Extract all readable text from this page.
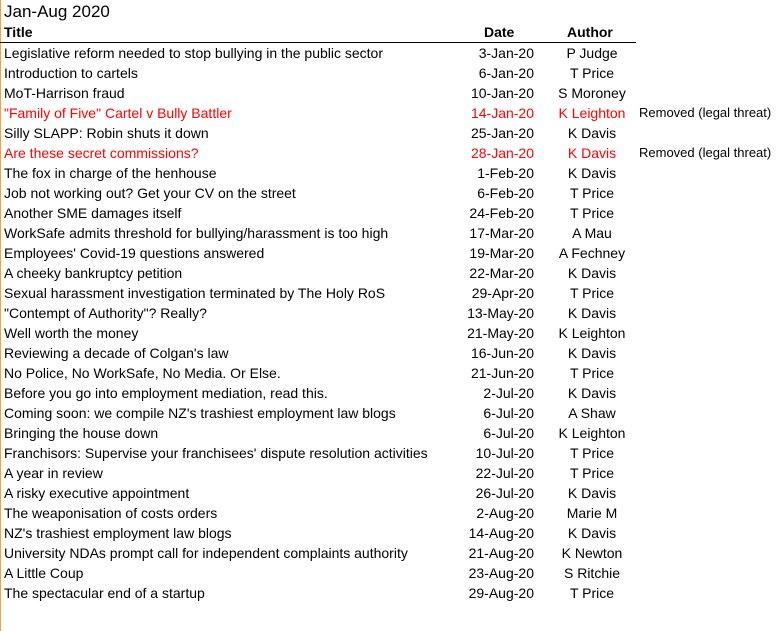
Jan-Aug 2020
Title	Date	Author
Legislative reform needed to stop bullying in the public sector	3-Jan-20	P Judge
Introduction to cartels	6-Jan-20	T Price
MoT-Harrison fraud	10-Jan-20	S Moroney
"Family of Five" Cartel v Bully Battler	14-Jan-20	K Leighton	Removed (legal threat)
Silly SLAPP: Robin shuts it down	25-Jan-20	K Davis
Are these secret commissions?	28-Jan-20	K Davis	Removed (legal threat)
The fox in charge of the henhouse	1-Feb-20	K Davis
Job not working out? Get your CV on the street	6-Feb-20	T Price
Another SME damages itself	24-Feb-20	T Price
WorkSafe admits threshold for bullying/harassment is too high	17-Mar-20	A Mau
Employees' Covid-19 questions answered	19-Mar-20	A Fechney
A cheeky bankruptcy petition	22-Mar-20	K Davis
Sexual harassment investigation terminated by The Holy RoS	29-Apr-20	T Price
"Contempt of Authority"? Really?	13-May-20	K Davis
Well worth the money	21-May-20	K Leighton
Reviewing a decade of Colgan's law	16-Jun-20	K Davis
No Police, No WorkSafe, No Media. Or Else.	21-Jun-20	T Price
Before you go into employment mediation, read this.	2-Jul-20	K Davis
Coming soon: we compile NZ's trashiest employment law blogs	6-Jul-20	A Shaw
Bringing the house down	6-Jul-20	K Leighton
Franchisors: Supervise your franchisees' dispute resolution activities	10-Jul-20	T Price
A year in review	22-Jul-20	T Price
A risky executive appointment	26-Jul-20	K Davis
The weaponisation of costs orders	2-Aug-20	Marie M
NZ's trashiest employment law blogs	14-Aug-20	K Davis
University NDAs prompt call for independent complaints authority	21-Aug-20	K Newton
A Little Coup	23-Aug-20	S Ritchie
The spectacular end of a startup	29-Aug-20	T Price
